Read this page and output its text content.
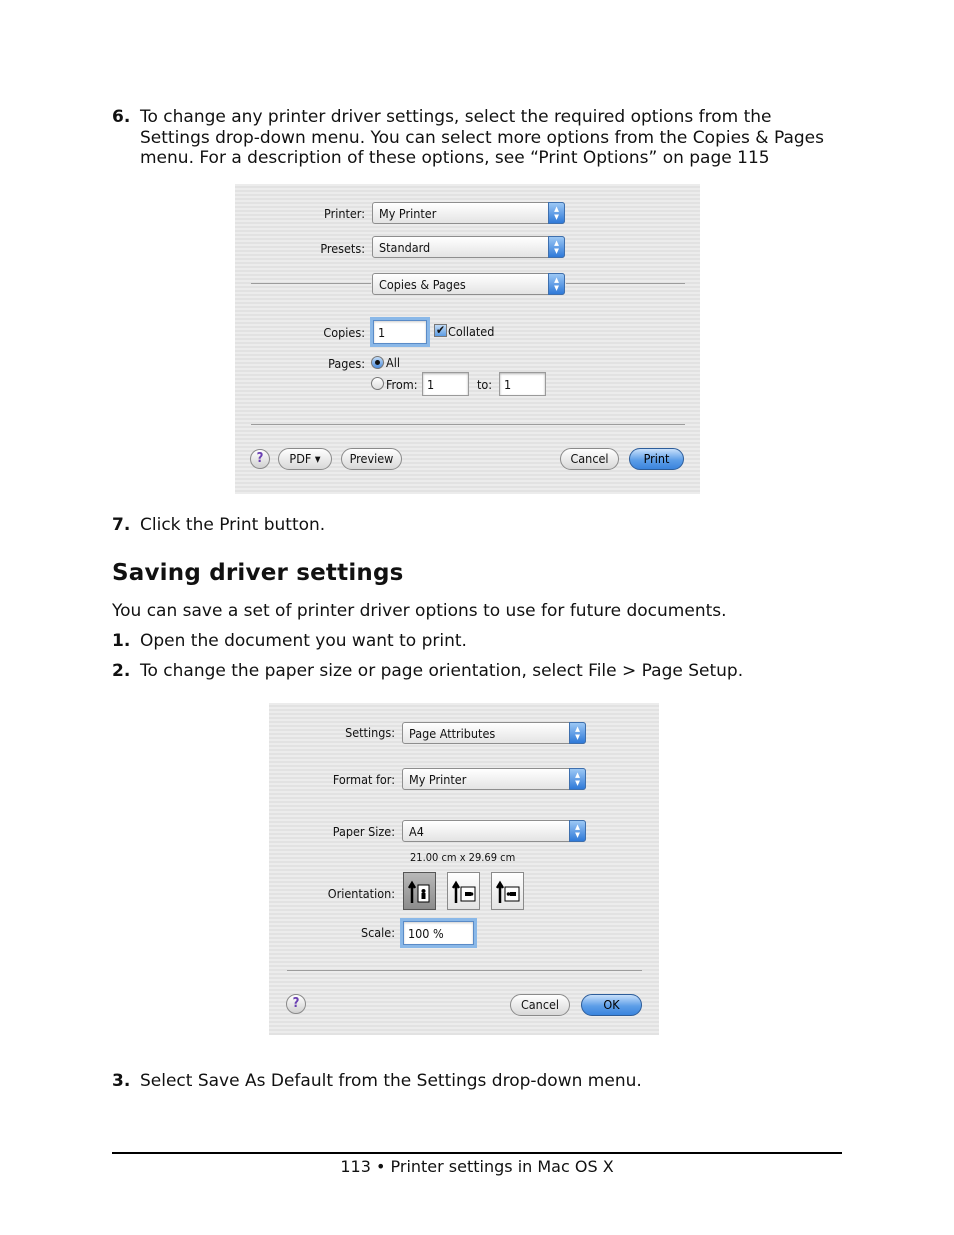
6. To change any printer driver settings, select the required options from the
Settings drop-down menu. You can select more options from the Copies & Pages
menu. For a description of these options, see “Print Options” on page 115
Printer: My Printer	▲
▼
Presets: Standard	▲
▼
Copies & Pages	▲
▼
Copies: 1	✔ Collated
Pages: All
From: 1	to: 1
?	PDF ▾	Preview	Cancel	Print
7. Click the Print button.
Saving driver settings
You can save a set of printer driver options to use for future documents.
1. Open the document you want to print.
2. To change the paper size or page orientation, select File > Page Setup.
Settings: Page Attributes	▲
▼
Format for: My Printer	▲
▼
Paper Size: A4	▲
▼
21.00 cm x 29.69 cm
Orientation:
Scale: 100 %
?	Cancel	OK
3. Select Save As Default from the Settings drop-down menu.
113 • Printer settings in Mac OS X
